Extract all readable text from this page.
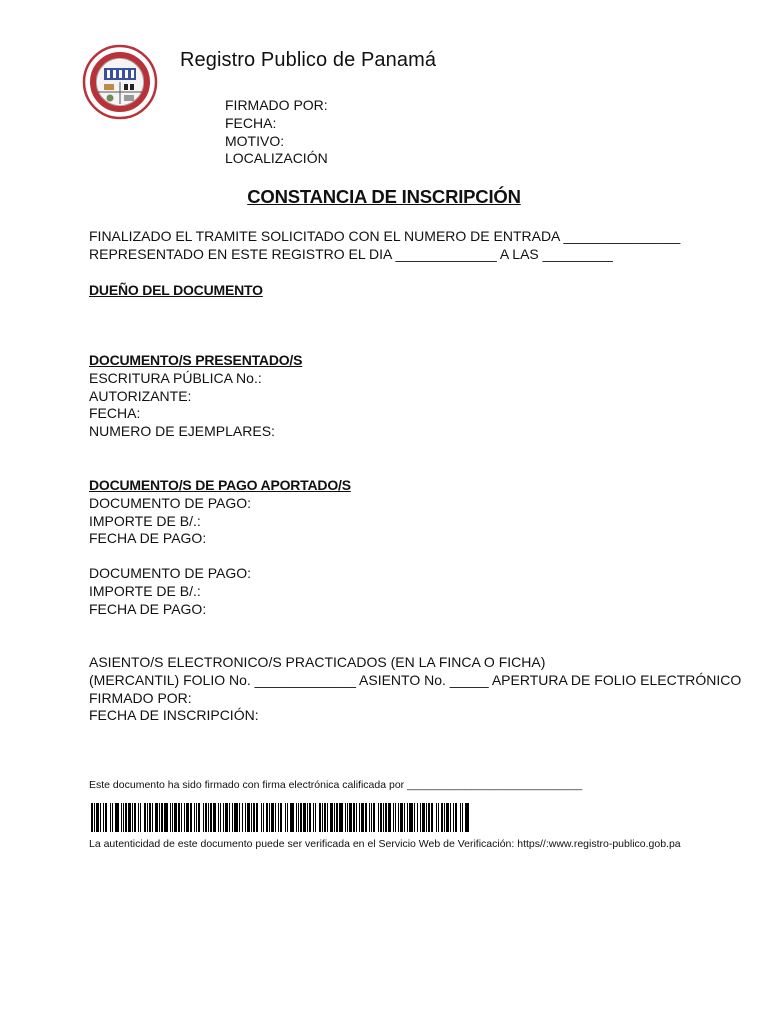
Registro Publico de Panamá
FIRMADO POR:
FECHA:
MOTIVO:
LOCALIZACIÓN
CONSTANCIA DE INSCRIPCIÓN
FINALIZADO EL TRAMITE SOLICITADO CON EL NUMERO DE ENTRADA _______________
REPRESENTADO EN ESTE REGISTRO EL DIA _____________ A LAS _________
DUEÑO DEL DOCUMENTO
DOCUMENTO/S PRESENTADO/S
ESCRITURA PÚBLICA No.:
AUTORIZANTE:
FECHA:
NUMERO DE EJEMPLARES:
DOCUMENTO/S DE PAGO APORTADO/S
DOCUMENTO DE PAGO:
IMPORTE DE B/.:
FECHA DE PAGO:
DOCUMENTO DE PAGO:
IMPORTE DE B/.:
FECHA DE PAGO:
ASIENTO/S ELECTRONICO/S PRACTICADOS (EN LA FINCA O FICHA)
(MERCANTIL) FOLIO No. _____________ ASIENTO No. _____ APERTURA DE FOLIO ELECTRÓNICO
FIRMADO POR:
FECHA DE INSCRIPCIÓN:
Este documento ha sido firmado con firma electrónica calificada por ______________________________
La autenticidad de este documento puede ser verificada en el Servicio Web de Verificación: https//:www.registro-publico.gob.pa
